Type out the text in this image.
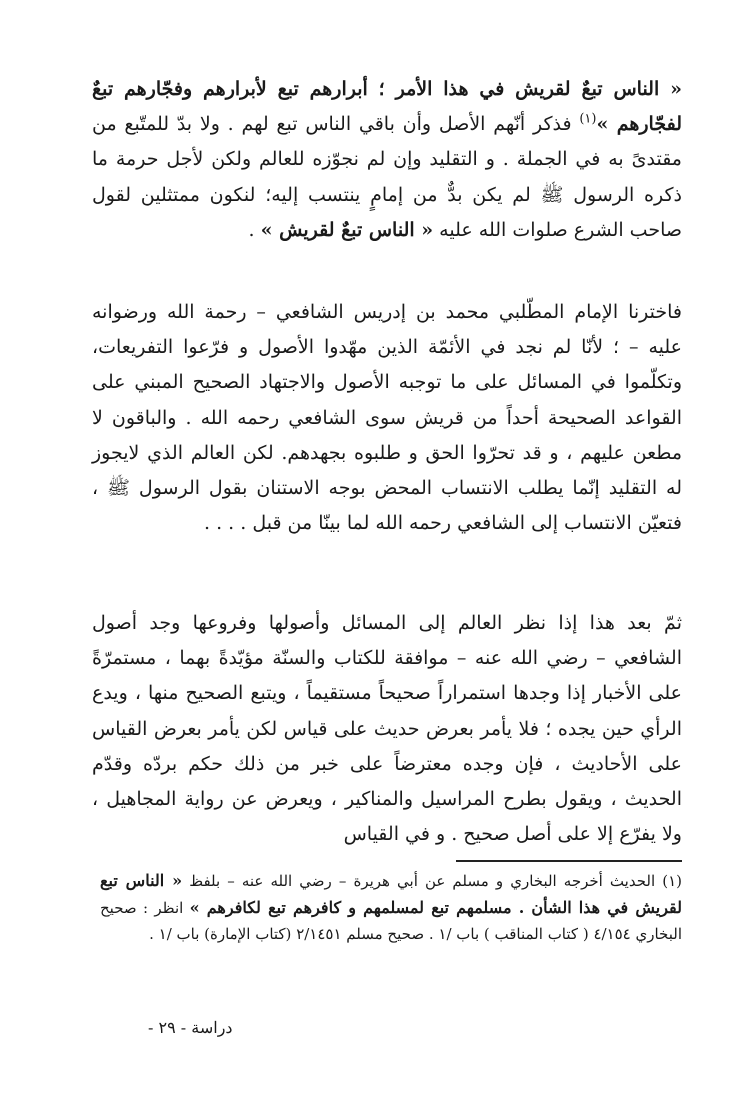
« الناس تبعٌ لقريش في هذا الأمر ؛ أبرارهم تبع لأبرارهم وفجّارهم تبعٌ لفجّارهم »$^{(١)}$ فذكر أنّهم الأصل وأن باقي الناس تبع لهم . ولا بدّ للمتّبع من مقتدىً به في الجملة . و التقليد وإن لم نجوّزه للعالم ولكن لأجل حرمة ما ذكره الرسول ﷺ لم يكن بدٌّ من إمامٍ ينتسب إليه؛ لنكون ممتثلين لقول صاحب الشرع صلوات الله عليه « الناس تبعٌ لقريش » .

فاخترنا الإمام المطّلبي محمد بن إدريس الشافعي – رحمة الله ورضوانه عليه – ؛ لأنّا لم نجد في الأئمّة الذين مهّدوا الأصول و فرّعوا التفريعات، وتكلّموا في المسائل على ما توجبه الأصول والاجتهاد الصحيح المبني على القواعد الصحيحة أحداً من قريش سوى الشافعي رحمه الله . والباقون لا مطعن عليهم ، و قد تحرّوا الحق و طلبوه بجهدهم. لكن العالم الذي لايجوز له التقليد إنّما يطلب الانتساب المحض بوجه الاستنان بقول الرسول ﷺ ، فتعيّن الانتساب إلى الشافعي رحمه الله لما بينّا من قبل . . . .

ثمّ بعد هذا إذا نظر العالم إلى المسائل وأصولها وفروعها وجد أصول الشافعي – رضي الله عنه – موافقة للكتاب والسنّة مؤيّدةً بهما ، مستمرّةً على الأخبار إذا وجدها استمراراً صحيحاً مستقيماً ، ويتبع الصحيح منها ، ويدع الرأي حين يجده ؛ فلا يأمر بعرض حديث على قياس لكن يأمر بعرض القياس على الأحاديث ، فإن وجده معترضاً على خبر من ذلك حكم بردّه وقدّم الحديث ، ويقول بطرح المراسيل والمناكير ، ويعرض عن رواية المجاهيل ، ولا يفرّع إلا على أصل صحيح . و في القياس

(١) الحديث أخرجه البخاري و مسلم عن أبي هريرة – رضي الله عنه – بلفظ « الناس تبع لقريش في هذا الشأن . مسلمهم تبع لمسلمهم و كافرهم تبع لكافرهم » انظر : صحيح البخاري ٤/١٥٤ ( كتاب المناقب ) باب /١ . صحيح مسلم ٢/١٤٥١ (كتاب الإمارة) باب /١ .

دراسة - ٢٩ -
